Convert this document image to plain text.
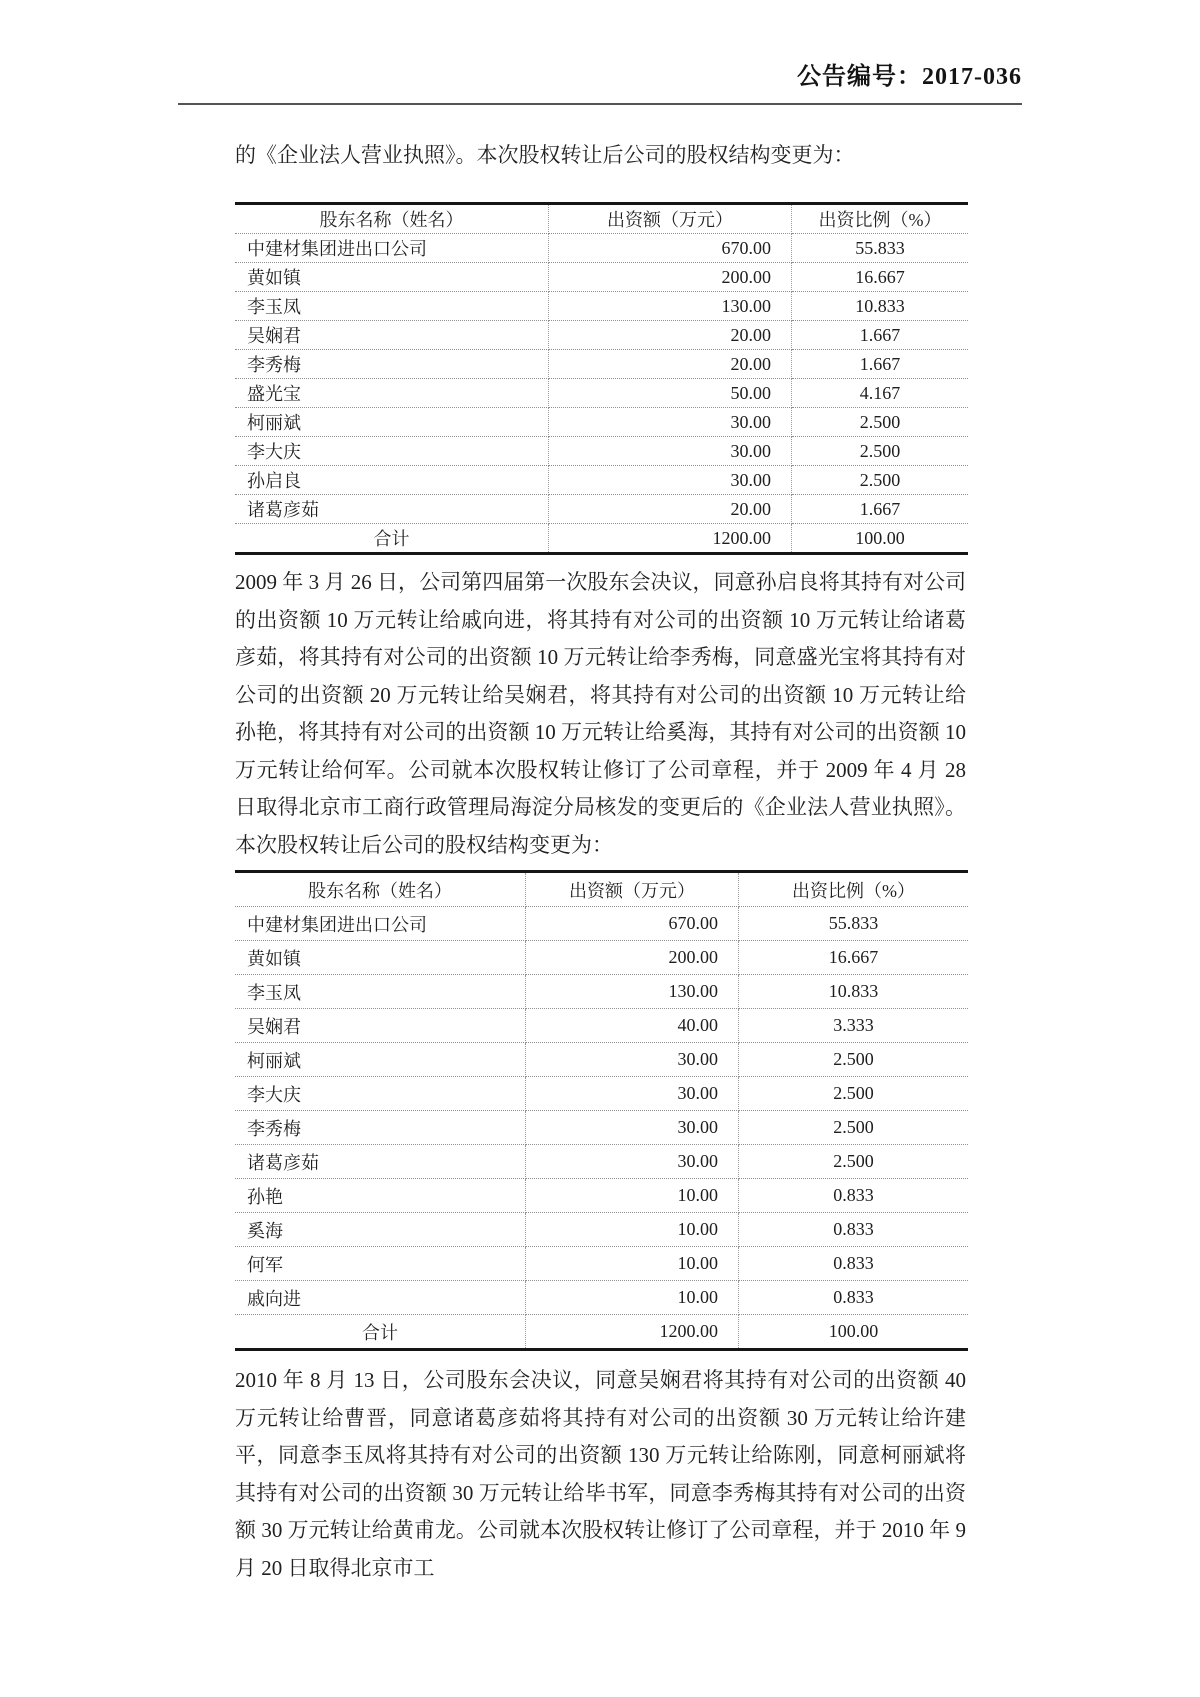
公告编号：2017-036

的《企业法人营业执照》。本次股权转让后公司的股权结构变更为：

股东名称（姓名）	出资额（万元）	出资比例（%）
中建材集团进出口公司	670.00	55.833
黄如镇	200.00	16.667
李玉凤	130.00	10.833
吴娴君	20.00	1.667
李秀梅	20.00	1.667
盛光宝	50.00	4.167
柯丽斌	30.00	2.500
李大庆	30.00	2.500
孙启良	30.00	2.500
诸葛彦茹	20.00	1.667
合计	1200.00	100.00

2009 年 3 月 26 日，公司第四届第一次股东会决议，同意孙启良将其持有对公司的出资额 10 万元转让给戚向进，将其持有对公司的出资额 10 万元转让给诸葛彦茹，将其持有对公司的出资额 10 万元转让给李秀梅，同意盛光宝将其持有对公司的出资额 20 万元转让给吴娴君，将其持有对公司的出资额 10 万元转让给孙艳，将其持有对公司的出资额 10 万元转让给奚海，其持有对公司的出资额 10 万元转让给何军。公司就本次股权转让修订了公司章程，并于 2009 年 4 月 28 日取得北京市工商行政管理局海淀分局核发的变更后的《企业法人营业执照》。本次股权转让后公司的股权结构变更为：

股东名称（姓名）	出资额（万元）	出资比例（%）
中建材集团进出口公司	670.00	55.833
黄如镇	200.00	16.667
李玉凤	130.00	10.833
吴娴君	40.00	3.333
柯丽斌	30.00	2.500
李大庆	30.00	2.500
李秀梅	30.00	2.500
诸葛彦茹	30.00	2.500
孙艳	10.00	0.833
奚海	10.00	0.833
何军	10.00	0.833
戚向进	10.00	0.833
合计	1200.00	100.00

2010 年 8 月 13 日，公司股东会决议，同意吴娴君将其持有对公司的出资额 40 万元转让给曹晋，同意诸葛彦茹将其持有对公司的出资额 30 万元转让给许建平，同意李玉凤将其持有对公司的出资额 130 万元转让给陈刚，同意柯丽斌将其持有对公司的出资额 30 万元转让给毕书军，同意李秀梅其持有对公司的出资额 30 万元转让给黄甫龙。公司就本次股权转让修订了公司章程，并于 2010 年 9 月 20 日取得北京市工
